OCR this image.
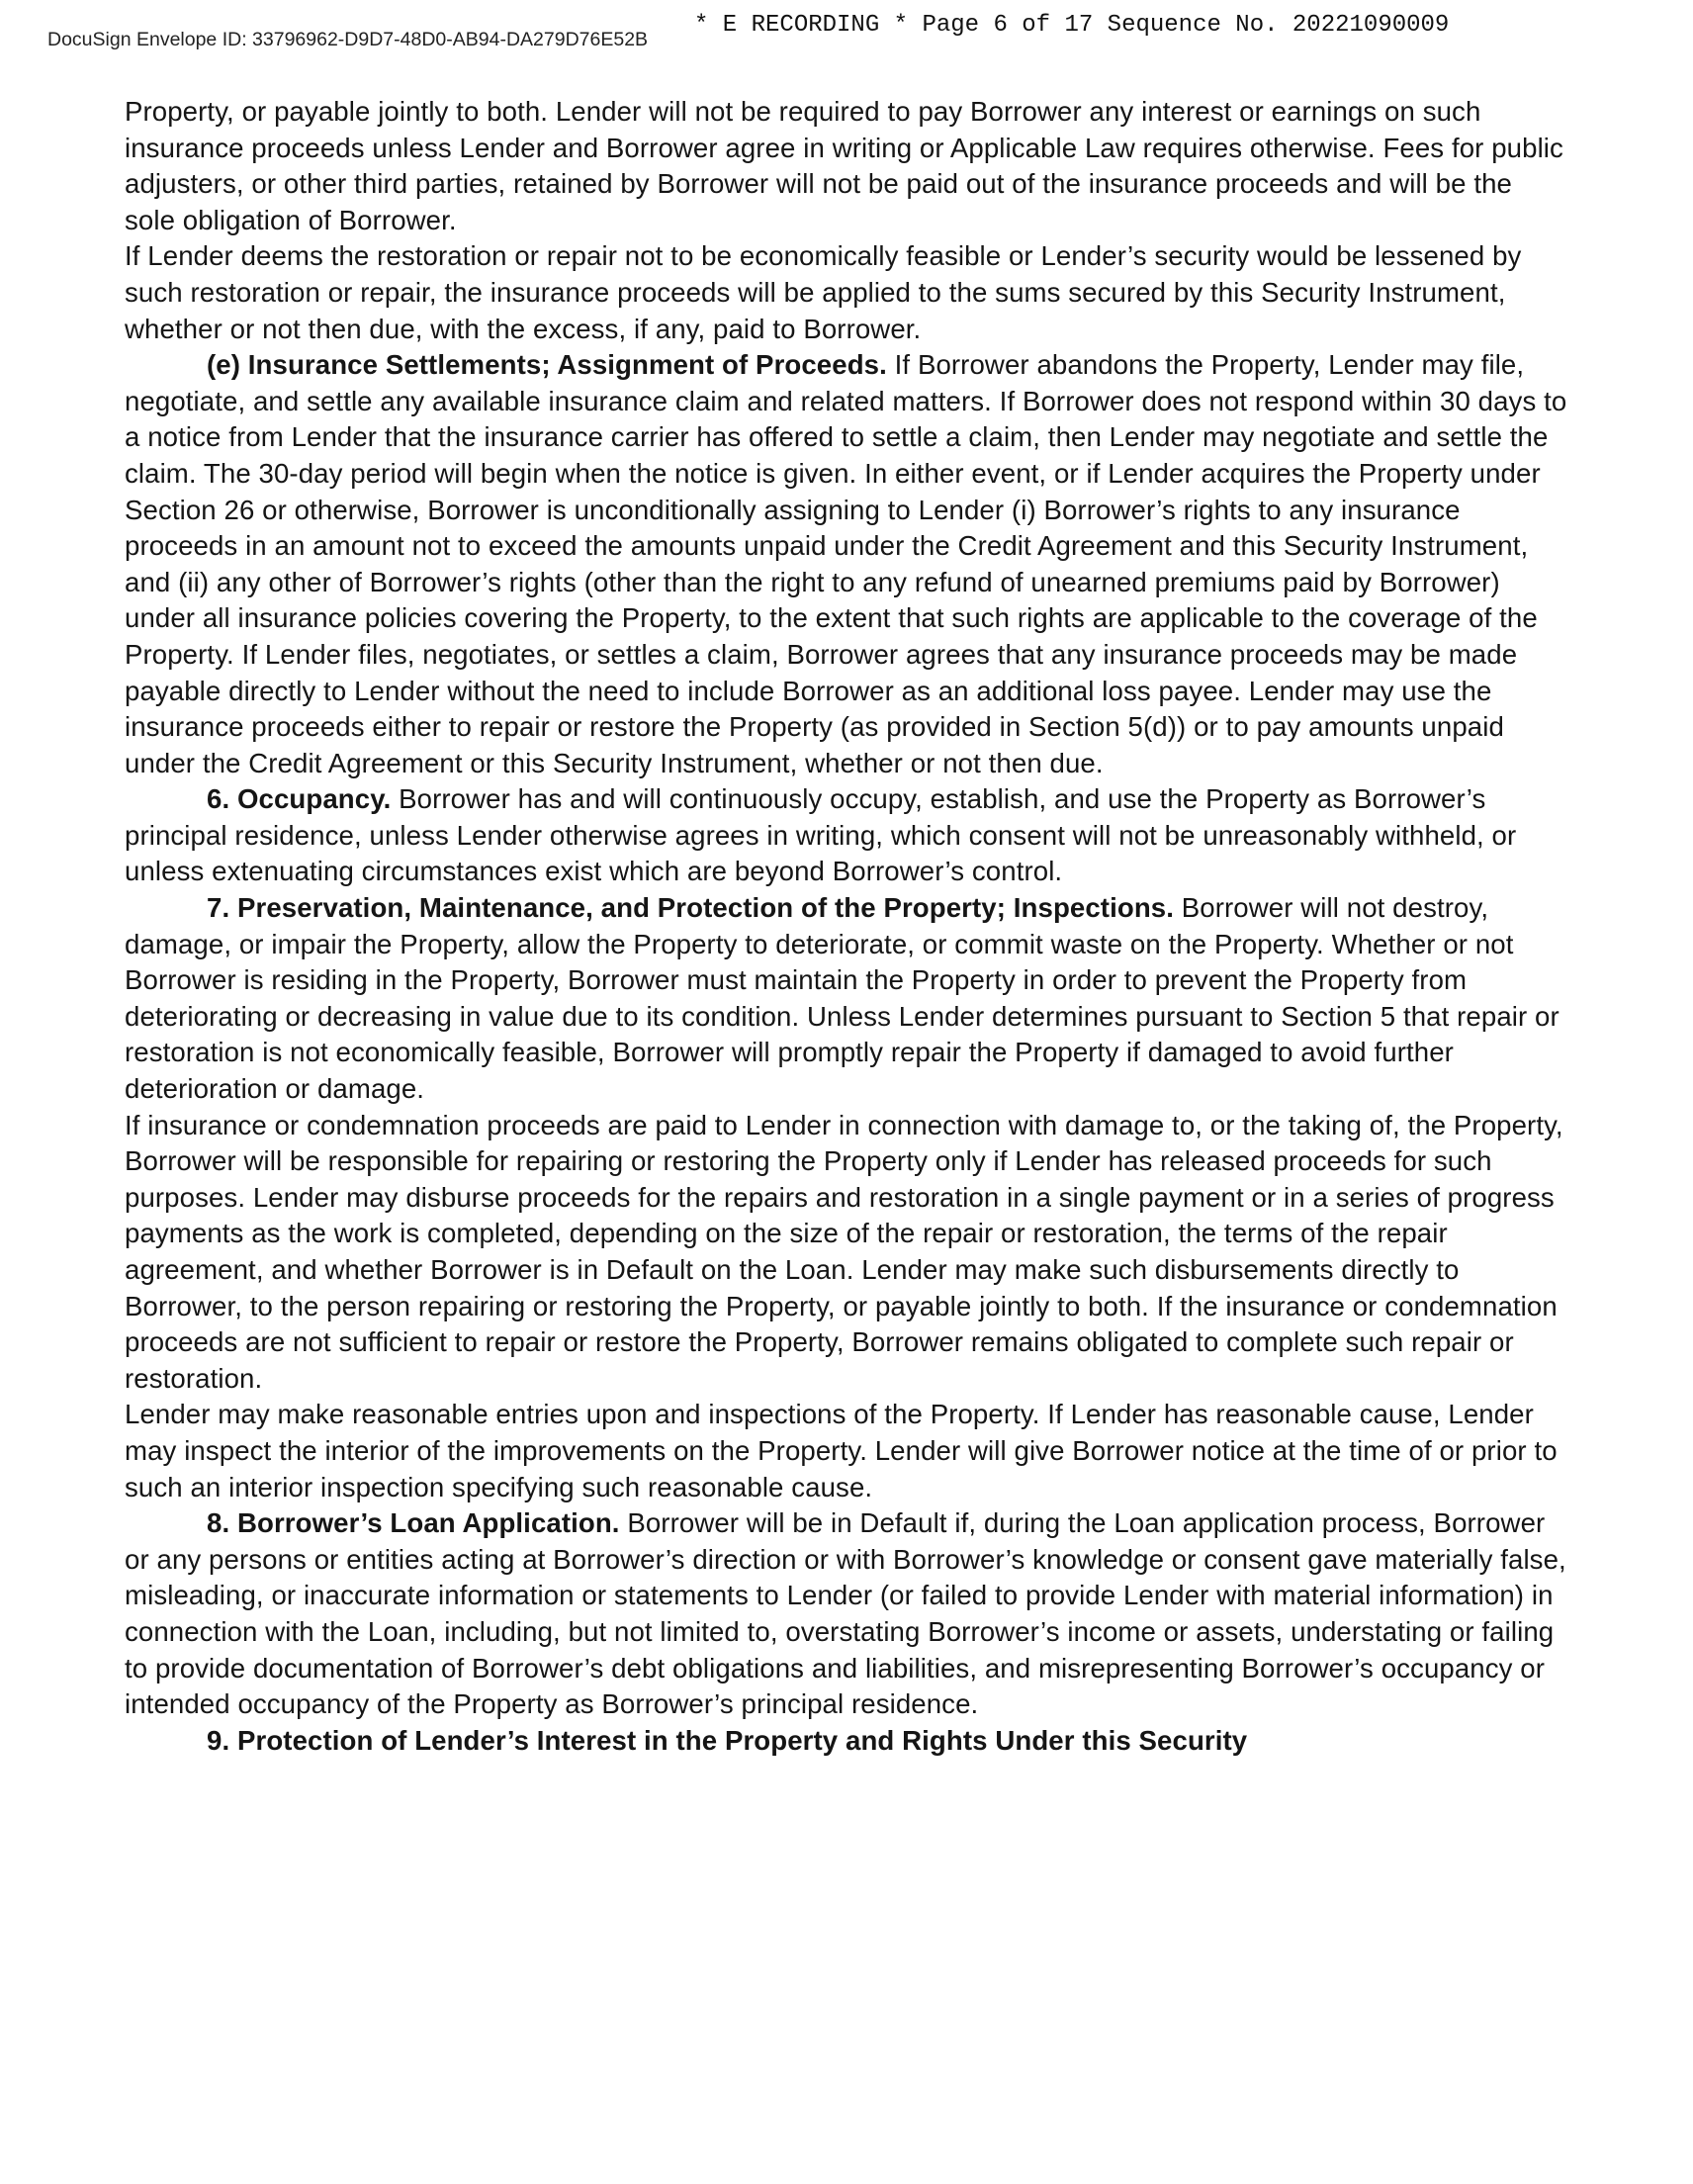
DocuSign Envelope ID: 33796962-D9D7-48D0-AB94-DA279D76E52B
* E RECORDING * Page 6 of 17 Sequence No. 20221090009

Property, or payable jointly to both. Lender will not be required to pay Borrower any interest or earnings on such insurance proceeds unless Lender and Borrower agree in writing or Applicable Law requires otherwise. Fees for public adjusters, or other third parties, retained by Borrower will not be paid out of the insurance proceeds and will be the sole obligation of Borrower.

If Lender deems the restoration or repair not to be economically feasible or Lender’s security would be lessened by such restoration or repair, the insurance proceeds will be applied to the sums secured by this Security Instrument, whether or not then due, with the excess, if any, paid to Borrower.

(e) Insurance Settlements; Assignment of Proceeds. If Borrower abandons the Property, Lender may file, negotiate, and settle any available insurance claim and related matters. If Borrower does not respond within 30 days to a notice from Lender that the insurance carrier has offered to settle a claim, then Lender may negotiate and settle the claim. The 30-day period will begin when the notice is given. In either event, or if Lender acquires the Property under Section 26 or otherwise, Borrower is unconditionally assigning to Lender (i) Borrower’s rights to any insurance proceeds in an amount not to exceed the amounts unpaid under the Credit Agreement and this Security Instrument, and (ii) any other of Borrower’s rights (other than the right to any refund of unearned premiums paid by Borrower) under all insurance policies covering the Property, to the extent that such rights are applicable to the coverage of the Property. If Lender files, negotiates, or settles a claim, Borrower agrees that any insurance proceeds may be made payable directly to Lender without the need to include Borrower as an additional loss payee. Lender may use the insurance proceeds either to repair or restore the Property (as provided in Section 5(d)) or to pay amounts unpaid under the Credit Agreement or this Security Instrument, whether or not then due.

6. Occupancy. Borrower has and will continuously occupy, establish, and use the Property as Borrower’s principal residence, unless Lender otherwise agrees in writing, which consent will not be unreasonably withheld, or unless extenuating circumstances exist which are beyond Borrower’s control.

7. Preservation, Maintenance, and Protection of the Property; Inspections. Borrower will not destroy, damage, or impair the Property, allow the Property to deteriorate, or commit waste on the Property. Whether or not Borrower is residing in the Property, Borrower must maintain the Property in order to prevent the Property from deteriorating or decreasing in value due to its condition. Unless Lender determines pursuant to Section 5 that repair or restoration is not economically feasible, Borrower will promptly repair the Property if damaged to avoid further deterioration or damage.

If insurance or condemnation proceeds are paid to Lender in connection with damage to, or the taking of, the Property, Borrower will be responsible for repairing or restoring the Property only if Lender has released proceeds for such purposes. Lender may disburse proceeds for the repairs and restoration in a single payment or in a series of progress payments as the work is completed, depending on the size of the repair or restoration, the terms of the repair agreement, and whether Borrower is in Default on the Loan. Lender may make such disbursements directly to Borrower, to the person repairing or restoring the Property, or payable jointly to both. If the insurance or condemnation proceeds are not sufficient to repair or restore the Property, Borrower remains obligated to complete such repair or restoration.

Lender may make reasonable entries upon and inspections of the Property. If Lender has reasonable cause, Lender may inspect the interior of the improvements on the Property. Lender will give Borrower notice at the time of or prior to such an interior inspection specifying such reasonable cause.

8. Borrower’s Loan Application. Borrower will be in Default if, during the Loan application process, Borrower or any persons or entities acting at Borrower’s direction or with Borrower’s knowledge or consent gave materially false, misleading, or inaccurate information or statements to Lender (or failed to provide Lender with material information) in connection with the Loan, including, but not limited to, overstating Borrower’s income or assets, understating or failing to provide documentation of Borrower’s debt obligations and liabilities, and misrepresenting Borrower’s occupancy or intended occupancy of the Property as Borrower’s principal residence.

9. Protection of Lender’s Interest in the Property and Rights Under this Security
